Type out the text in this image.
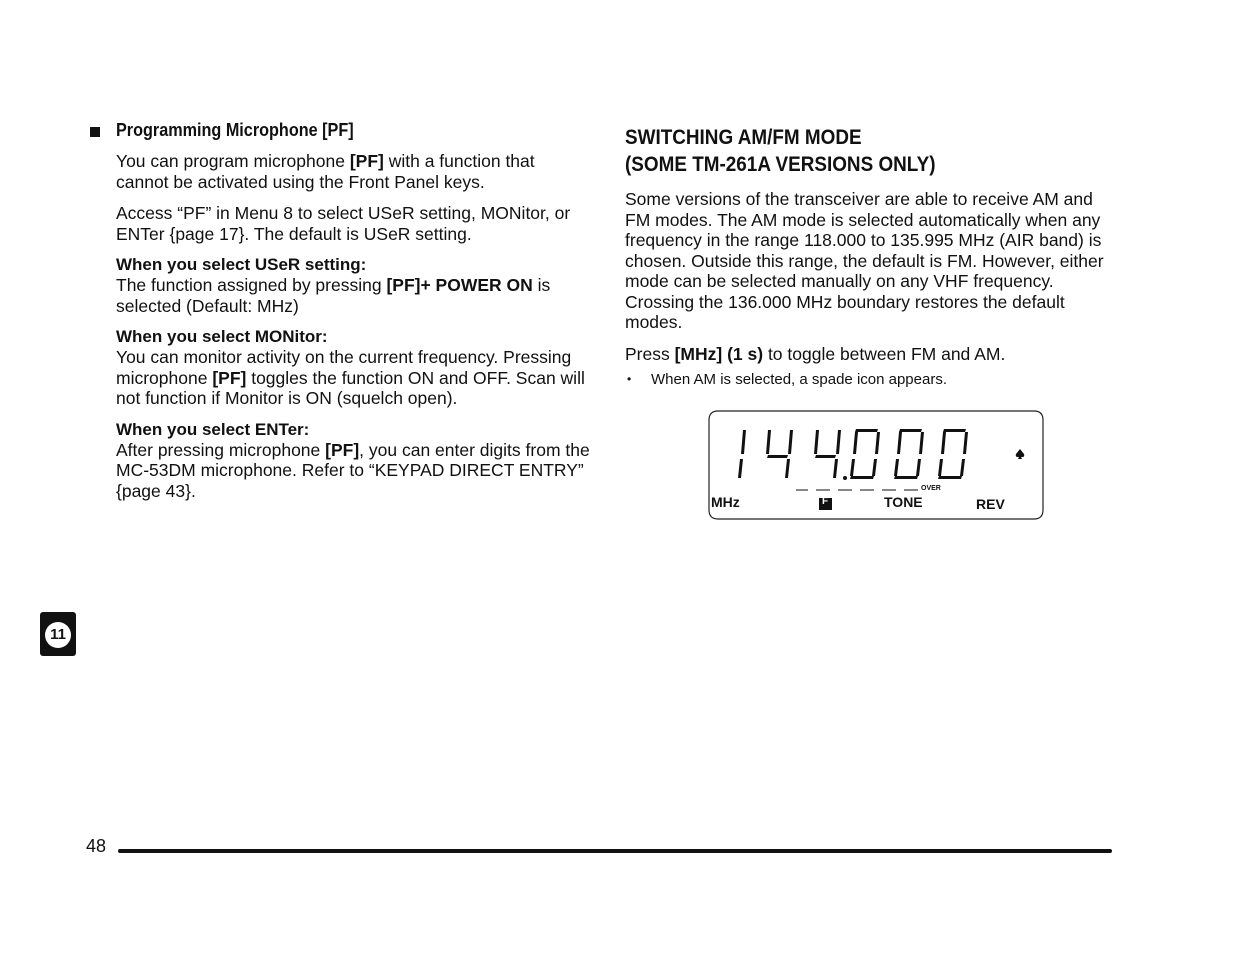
Programming Microphone [PF]

You can program microphone [PF] with a function that cannot be activated using the Front Panel keys.

Access “PF” in Menu 8 to select USeR setting, MONitor, or ENTer {page 17}. The default is USeR setting.

When you select USeR setting:

The function assigned by pressing [PF]+ POWER ON is selected (Default: MHz)

When you select MONitor:

You can monitor activity on the current frequency. Pressing microphone [PF] toggles the function ON and OFF. Scan will not function if Monitor is ON (squelch open).

When you select ENTer:

After pressing microphone [PF], you can enter digits from the MC-53DM microphone. Refer to “KEYPAD DIRECT ENTRY” {page 43}.

SWITCHING AM/FM MODE
(SOME TM-261A VERSIONS ONLY)

Some versions of the transceiver are able to receive AM and FM modes. The AM mode is selected automatically when any frequency in the range 118.000 to 135.995 MHz (AIR band) is chosen. Outside this range, the default is FM. However, either mode can be selected manually on any VHF frequency. Crossing the 136.000 MHz boundary restores the default modes.

Press [MHz] (1 s) to toggle between FM and AM.

•	When AM is selected, a spade icon appears.
F
OVER
MHz	TONE	REV
11
48
